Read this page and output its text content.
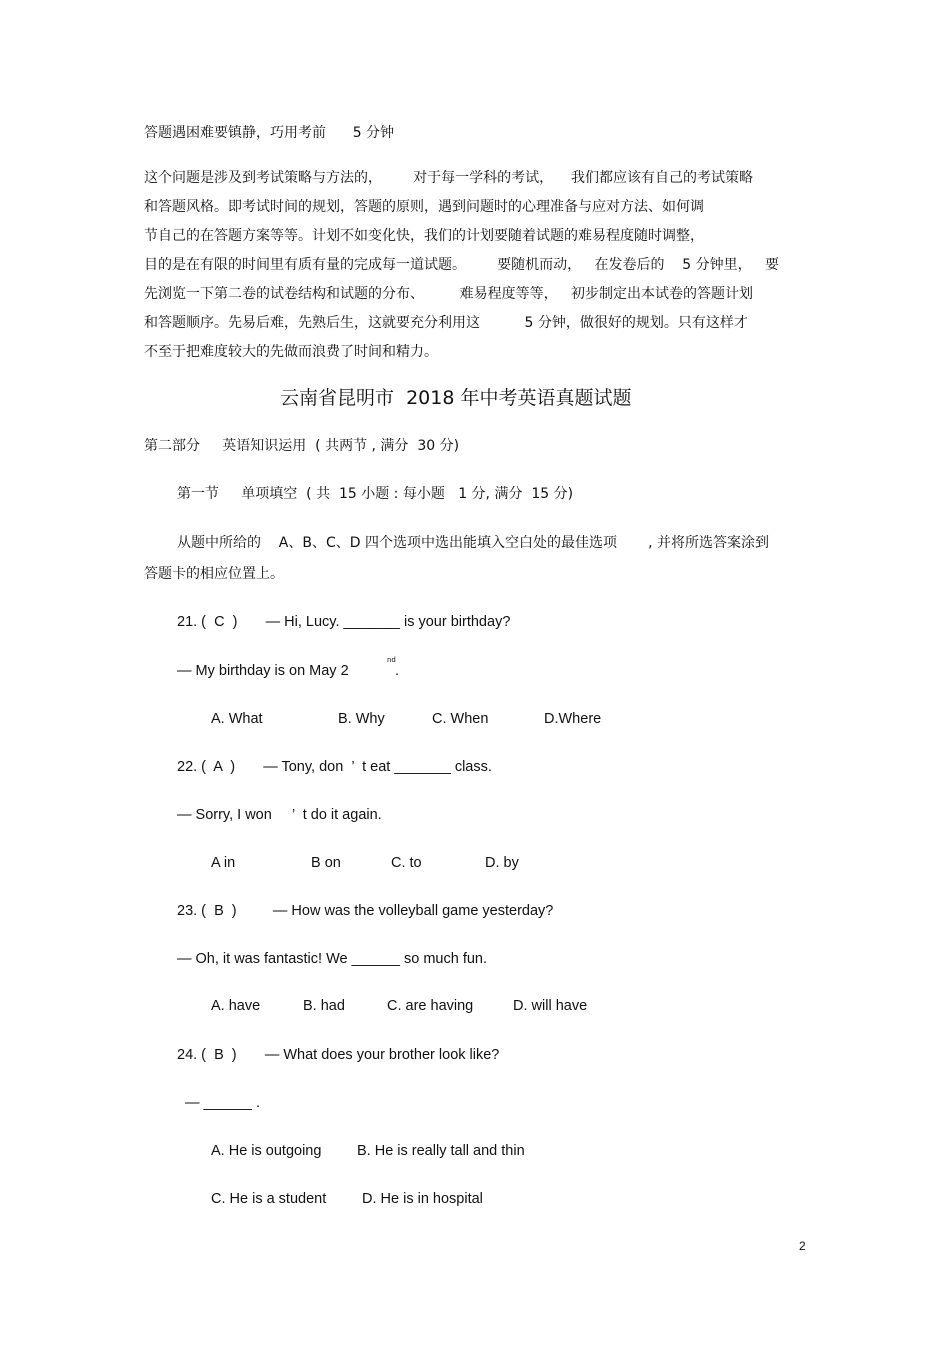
答题遇困难要镇静，巧用考前      5 分钟
这个问题是涉及到考试策略与方法的，       对于每一学科的考试，    我们都应该有自己的考试策略
和答题风格。即考试时间的规划，答题的原则，遇到问题时的心理准备与应对方法、如何调
节自己的在答题方案等等。计划不如变化快，我们的计划要随着试题的难易程度随时调整，
目的是在有限的时间里有质有量的完成每一道试题。       要随机而动，   在发卷后的    5 分钟里，   要
先浏览一下第二卷的试卷结构和试题的分布、        难易程度等等，   初步制定出本试卷的答题计划
和答题顺序。先易后难，先熟后生，这就要充分利用这          5 分钟，做很好的规划。只有这样才
不至于把难度较大的先做而浪费了时间和精力。
云南省昆明市  2018 年中考英语真题试题
第二部分     英语知识运用  ( 共两节 , 满分  30 分)
第一节     单项填空  ( 共  15 小题 : 每小题   1 分, 满分  15 分)
从题中所给的    A、B、C、D 四个选项中选出能填入空白处的最佳选项       , 并将所选答案涂到
答题卡的相应位置上。
21. (  C  )       — Hi, Lucy. _______ is your birthday?
— My birthday is on May 2
nd
.
A. What	B. Why	C. When	D.Where
22. (  A  )       — Tony, don  ’  t eat _______ class.
— Sorry, I won     ’  t do it again.
A in	B on	C. to	D. by
23. (  B  )         — How was the volleyball game yesterday?
— Oh, it was fantastic! We ______ so much fun.
A. have	B. had	C. are having	D. will have
24. (  B  )       — What does your brother look like?
— ______ .
A. He is outgoing B. He is really tall and thin
C. He is a student D. He is in hospital
2
